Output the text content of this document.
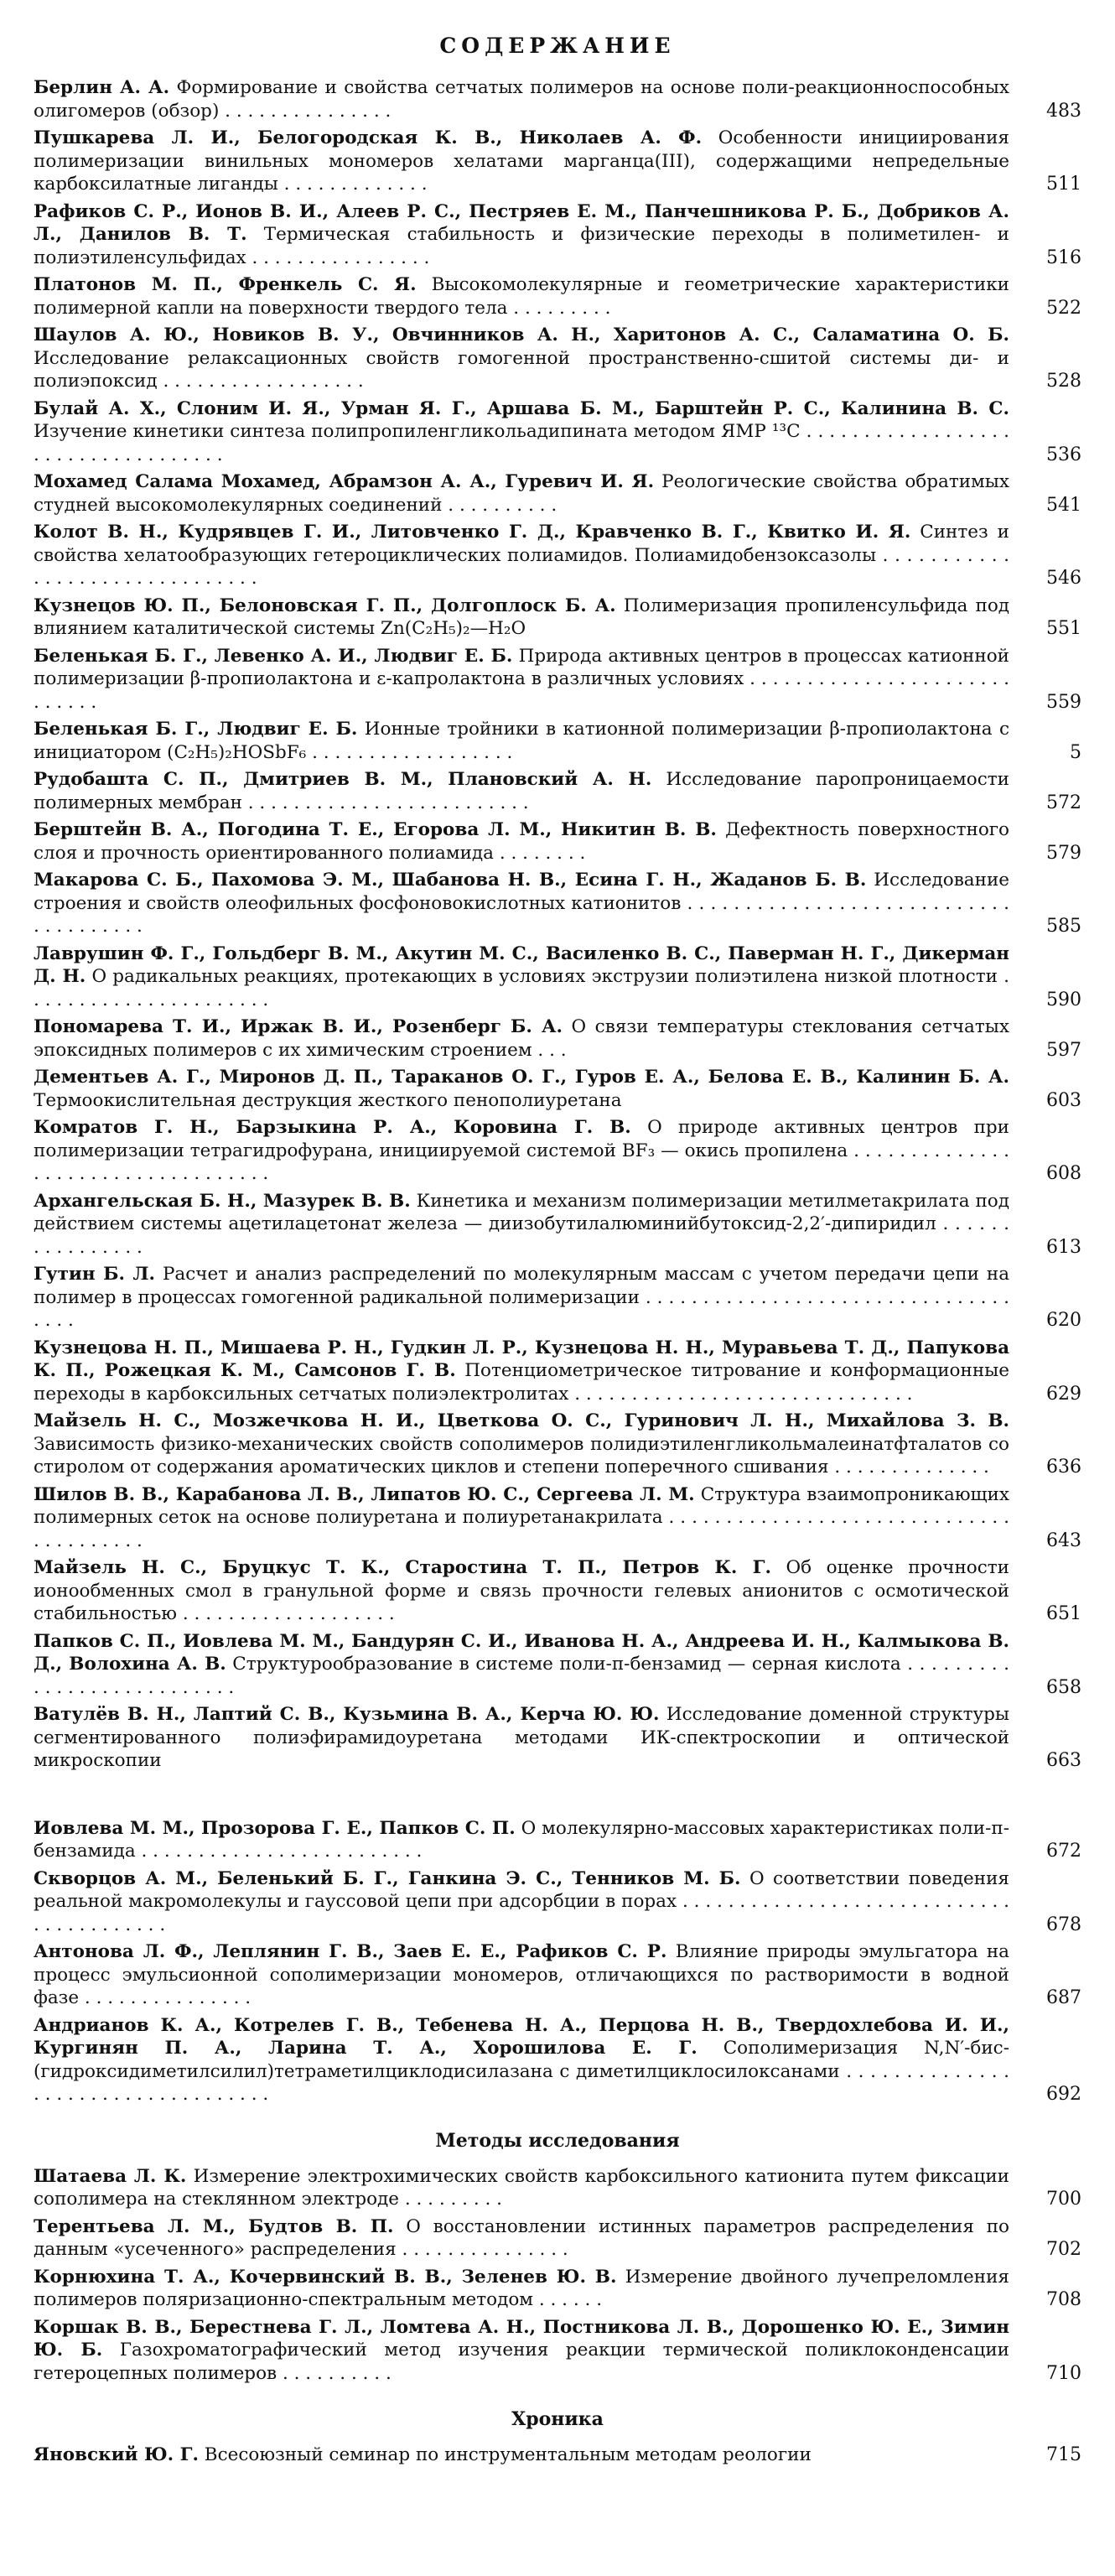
СОДЕРЖАНИЕ
Берлин А. А. Формирование и свойства сетчатых полимеров на основе поли-реакционноспособных олигомеров (обзор) . . . . . . . . . . . . . . .	483
Пушкарева Л. И., Белогородская К. В., Николаев А. Ф. Особенности инициирования полимеризации винильных мономеров хелатами марганца(III), содержащими непредельные карбоксилатные лиганды . . . . . . . . . . . . .	511
Рафиков С. Р., Ионов В. И., Алеев Р. С., Пестряев Е. М., Панчешникова Р. Б., Добриков А. Л., Данилов В. Т. Термическая стабильность и физические переходы в полиметилен- и полиэтиленсульфидах . . . . . . . . . . . . . . . .	516
Платонов М. П., Френкель С. Я. Высокомолекулярные и геометрические характеристики полимерной капли на поверхности твердого тела . . . . . . . . .	522
Шаулов А. Ю., Новиков В. У., Овчинников А. Н., Харитонов А. С., Саламатина О. Б. Исследование релаксационных свойств гомогенной пространственно-сшитой системы ди- и полиэпоксид . . . . . . . . . . . . . . . . . .	528
Булай А. Х., Слоним И. Я., Урман Я. Г., Аршава Б. М., Барштейн Р. С., Калинина В. С. Изучение кинетики синтеза полипропиленгликольадипината методом ЯМР ¹³C . . . . . . . . . . . . . . . . . . . . . . . . . . . . . . . . . . .	536
Мохамед Салама Мохамед, Абрамзон А. А., Гуревич И. Я. Реологические свойства обратимых студней высокомолекулярных соединений . . . . . . . . . .	541
Колот В. Н., Кудрявцев Г. И., Литовченко Г. Д., Кравченко В. Г., Квитко И. Я. Синтез и свойства хелатообразующих гетероциклических полиамидов. Полиамидобензоксазолы . . . . . . . . . . . . . . . . . . . . . . . . . . . . . . .	546
Кузнецов Ю. П., Белоновская Г. П., Долгоплоск Б. А. Полимеризация пропиленсульфида под влиянием каталитической системы Zn(C₂H₅)₂—H₂O	551
Беленькая Б. Г., Левенко А. И., Людвиг Е. Б. Природа активных центров в процессах катионной полимеризации β-пропиолактона и ε-капролактона в различных условиях . . . . . . . . . . . . . . . . . . . . . . . . . . . . .	559
Беленькая Б. Г., Людвиг Е. Б. Ионные тройники в катионной полимеризации β-пропиолактона с инициатором (C₂H₅)₂HOSbF₆ . . . . . . . . . . . . . . . . . .	5
Рудобашта С. П., Дмитриев В. М., Плановский А. Н. Исследование паропроницаемости полимерных мембран . . . . . . . . . . . . . . . . . . . . . . . . .	572
Берштейн В. А., Погодина Т. Е., Егорова Л. М., Никитин В. В. Дефектность поверхностного слоя и прочность ориентированного полиамида . . . . . . . .	579
Макарова С. Б., Пахомова Э. М., Шабанова Н. В., Есина Г. Н., Жаданов Б. В. Исследование строения и свойств олеофильных фосфоновокислотных катионитов . . . . . . . . . . . . . . . . . . . . . . . . . . . . . . . . . . . . . .	585
Лаврушин Ф. Г., Гольдберг В. М., Акутин М. С., Василенко В. С., Паверман Н. Г., Дикерман Д. Н. О радикальных реакциях, протекающих в условиях экструзии полиэтилена низкой плотности . . . . . . . . . . . . . . . . . . . . . .	590
Пономарева Т. И., Иржак В. И., Розенберг Б. А. О связи температуры стеклования сетчатых эпоксидных полимеров с их химическим строением . . .	597
Дементьев А. Г., Миронов Д. П., Тараканов О. Г., Гуров Е. А., Белова Е. В., Калинин Б. А. Термоокислительная деструкция жесткого пенополиуретана	603
Комратов Г. Н., Барзыкина Р. А., Коровина Г. В. О природе активных центров при полимеризации тетрагидрофурана, инициируемой системой BF₃ — окись пропилена . . . . . . . . . . . . . . . . . . . . . . . . . . . . . . . . . . .	608
Архангельская Б. Н., Мазурек В. В. Кинетика и механизм полимеризации метилметакрилата под действием системы ацетилацетонат железа — диизобутилалюминийбутоксид-2,2′-дипиридил . . . . . . . . . . . . . . . .	613
Гутин Б. Л. Расчет и анализ распределений по молекулярным массам с учетом передачи цепи на полимер в процессах гомогенной радикальной полимеризации . . . . . . . . . . . . . . . . . . . . . . . . . . . . . . . . . . . .	620
Кузнецова Н. П., Мишаева Р. Н., Гудкин Л. Р., Кузнецова Н. Н., Муравьева Т. Д., Папукова К. П., Рожецкая К. М., Самсонов Г. В. Потенциометрическое титрование и конформационные переходы в карбоксильных сетчатых полиэлектролитах . . . . . . . . . . . . . . . . . . . . . . . . . . . . . .	629
Майзель Н. С., Мозжечкова Н. И., Цветкова О. С., Гуринович Л. Н., Михайлова З. В. Зависимость физико-механических свойств сополимеров полидиэтиленгликольмалеинатфталатов со стиролом от содержания ароматических циклов и степени поперечного сшивания . . . . . . . . . . . . . .	636
Шилов В. В., Карабанова Л. В., Липатов Ю. С., Сергеева Л. М. Структура взаимопроникающих полимерных сеток на основе полиуретана и полиуретанакрилата . . . . . . . . . . . . . . . . . . . . . . . . . . . . . . . . . . . . . . . .	643
Майзель Н. С., Бруцкус Т. К., Старостина Т. П., Петров К. Г. Об оценке прочности ионообменных смол в гранульной форме и связь прочности гелевых анионитов с осмотической стабильностью . . . . . . . . . . . . . . . . . . .	651
Папков С. П., Иовлева М. М., Бандурян С. И., Иванова Н. А., Андреева И. Н., Калмыкова В. Д., Волохина А. В. Структурообразование в системе поли-п-бензамид — серная кислота . . . . . . . . . . . . . . . . . . . . . . . . . . .	658
Ватулёв В. Н., Лаптий С. В., Кузьмина В. А., Керча Ю. Ю. Исследование доменной структуры сегментированного полиэфирамидоуретана методами ИК-спектроскопии и оптической микроскопии	663
Иовлева М. М., Прозорова Г. Е., Папков С. П. О молекулярно-массовых характеристиках поли-п-бензамида . . . . . . . . . . . . . . . . . . . . . . . . .	672
Скворцов А. М., Беленький Б. Г., Ганкина Э. С., Тенников М. Б. О соответствии поведения реальной макромолекулы и гауссовой цепи при адсорбции в порах . . . . . . . . . . . . . . . . . . . . . . . . . . . . . . . . . . . . . . . . .	678
Антонова Л. Ф., Леплянин Г. В., Заев Е. Е., Рафиков С. Р. Влияние природы эмульгатора на процесс эмульсионной сополимеризации мономеров, отличающихся по растворимости в водной фазе . . . . . . . . . . . . . . .	687
Андрианов К. А., Котрелев Г. В., Тебенева Н. А., Перцова Н. В., Твердохлебова И. И., Кургинян П. А., Ларина Т. А., Хорошилова Е. Г. Сополимеризация N,N′-бис-(гидроксидиметилсилил)тетраметилциклодисилазана с диметилциклосилоксанами . . . . . . . . . . . . . . . . . . . . . . . . . . . . . . . . . . .	692
Методы исследования
Шатаева Л. К. Измерение электрохимических свойств карбоксильного катионита путем фиксации сополимера на стеклянном электроде . . . . . . . . .	700
Терентьева Л. М., Будтов В. П. О восстановлении истинных параметров распределения по данным «усеченного» распределения . . . . . . . . . . . . . . .	702
Корнюхина Т. А., Кочервинский В. В., Зеленев Ю. В. Измерение двойного лучепреломления полимеров поляризационно-спектральным методом . . . . . .	708
Коршак В. В., Берестнева Г. Л., Ломтева А. Н., Постникова Л. В., Дорошенко Ю. Е., Зимин Ю. Б. Газохроматографический метод изучения реакции термической поликлоконденсации гетероцепных полимеров . . . . . . . . . .	710
Хроника
Яновский Ю. Г. Всесоюзный семинар по инструментальным методам реологии	715
